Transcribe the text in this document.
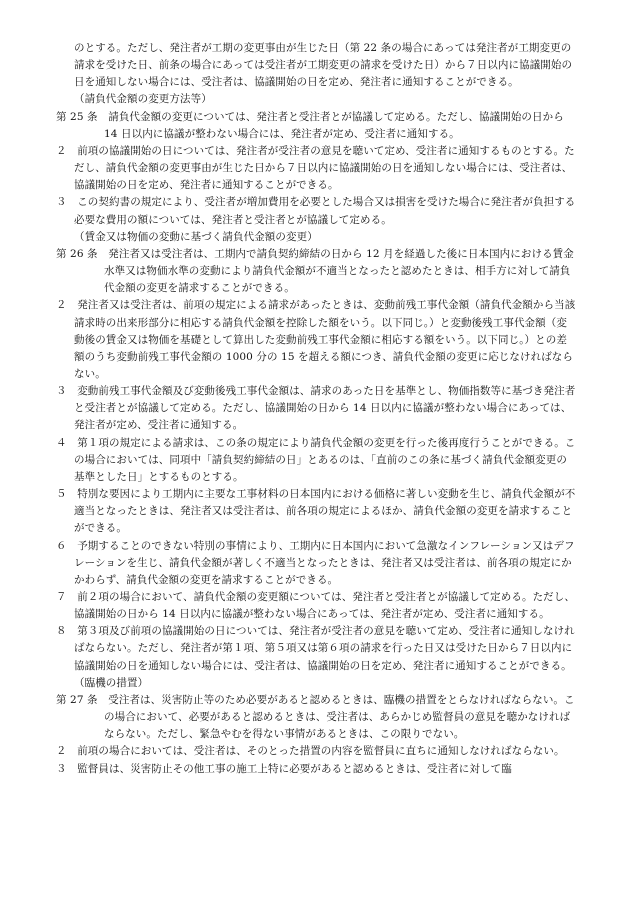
のとする。ただし、発注者が工期の変更事由が生じた日（第 22 条の場合にあっては発注者が工期変更の請求を受けた日、前条の場合にあっては受注者が工期変更の請求を受けた日）から７日以内に協議開始の日を通知しない場合には、受注者は、協議開始の日を定め、発注者に通知することができる。

（請負代金額の変更方法等）

第 25 条　請負代金額の変更については、発注者と受注者とが協議して定める。ただし、協議開始の日から 14 日以内に協議が整わない場合には、発注者が定め、受注者に通知する。

２　前項の協議開始の日については、発注者が受注者の意見を聴いて定め、受注者に通知するものとする。ただし、請負代金額の変更事由が生じた日から７日以内に協議開始の日を通知しない場合には、受注者は、協議開始の日を定め、発注者に通知することができる。

３　この契約書の規定により、受注者が増加費用を必要とした場合又は損害を受けた場合に発注者が負担する必要な費用の額については、発注者と受注者とが協議して定める。

（賃金又は物価の変動に基づく請負代金額の変更）

第 26 条　発注者又は受注者は、工期内で請負契約締結の日から 12 月を経過した後に日本国内における賃金水準又は物価水準の変動により請負代金額が不適当となったと認めたときは、相手方に対して請負代金額の変更を請求することができる。

２　発注者又は受注者は、前項の規定による請求があったときは、変動前残工事代金額（請負代金額から当該請求時の出来形部分に相応する請負代金額を控除した額をいう。以下同じ。）と変動後残工事代金額（変動後の賃金又は物価を基礎として算出した変動前残工事代金額に相応する額をいう。以下同じ。）との差額のうち変動前残工事代金額の 1000 分の 15 を超える額につき、請負代金額の変更に応じなければならない。

３　変動前残工事代金額及び変動後残工事代金額は、請求のあった日を基準とし、物価指数等に基づき発注者と受注者とが協議して定める。ただし、協議開始の日から 14 日以内に協議が整わない場合にあっては、発注者が定め、受注者に通知する。

４　第１項の規定による請求は、この条の規定により請負代金額の変更を行った後再度行うことができる。この場合においては、同項中「請負契約締結の日」とあるのは、「直前のこの条に基づく請負代金額変更の基準とした日」とするものとする。

５　特別な要因により工期内に主要な工事材料の日本国内における価格に著しい変動を生じ、請負代金額が不適当となったときは、発注者又は受注者は、前各項の規定によるほか、請負代金額の変更を請求することができる。

６　予期することのできない特別の事情により、工期内に日本国内において急激なインフレーション又はデフレーションを生じ、請負代金額が著しく不適当となったときは、発注者又は受注者は、前各項の規定にかかわらず、請負代金額の変更を請求することができる。

７　前２項の場合において、請負代金額の変更額については、発注者と受注者とが協議して定める。ただし、協議開始の日から 14 日以内に協議が整わない場合にあっては、発注者が定め、受注者に通知する。

８　第３項及び前項の協議開始の日については、発注者が受注者の意見を聴いて定め、受注者に通知しなければならない。ただし、発注者が第１項、第５項又は第６項の請求を行った日又は受けた日から７日以内に協議開始の日を通知しない場合には、受注者は、協議開始の日を定め、発注者に通知することができる。

（臨機の措置）

第 27 条　受注者は、災害防止等のため必要があると認めるときは、臨機の措置をとらなければならない。この場合において、必要があると認めるときは、受注者は、あらかじめ監督員の意見を聴かなければならない。ただし、緊急やむを得ない事情があるときは、この限りでない。

２　前項の場合においては、受注者は、そのとった措置の内容を監督員に直ちに通知しなければならない。

３　監督員は、災害防止その他工事の施工上特に必要があると認めるときは、受注者に対して臨
